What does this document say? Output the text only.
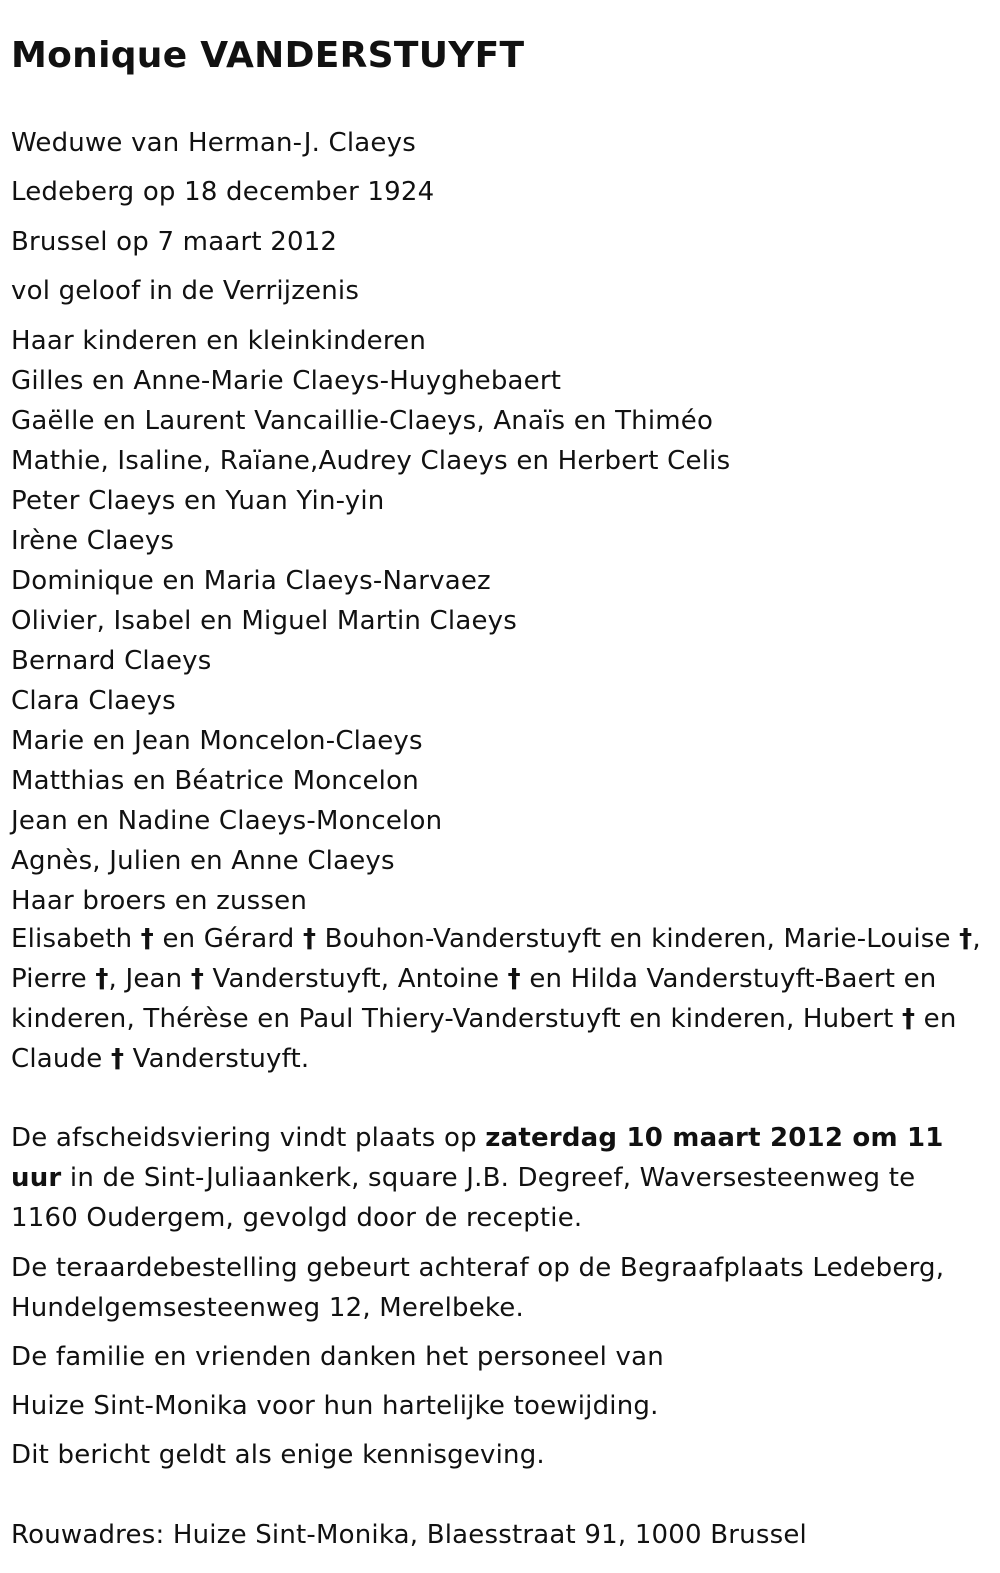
Monique VANDERSTUYFT

Weduwe van Herman-J. Claeys

Ledeberg op 18 december 1924

Brussel op 7 maart 2012

vol geloof in de Verrijzenis

Haar kinderen en kleinkinderen
Gilles en Anne-Marie Claeys-Huyghebaert
Gaëlle en Laurent Vancaillie-Claeys, Anaïs en Thiméo
Mathie, Isaline, Raïane,Audrey Claeys en Herbert Celis
Peter Claeys en Yuan Yin-yin
Irène Claeys
Dominique en Maria Claeys-Narvaez
Olivier, Isabel en Miguel Martin Claeys
Bernard Claeys
Clara Claeys
Marie en Jean Moncelon-Claeys
Matthias en Béatrice Moncelon
Jean en Nadine Claeys-Moncelon
Agnès, Julien en Anne Claeys
Haar broers en zussen

Elisabeth † en Gérard † Bouhon-Vanderstuyft en kinderen, Marie-Louise †, Pierre †, Jean † Vanderstuyft, Antoine † en Hilda Vanderstuyft-Baert en kinderen, Thérèse en Paul Thiery-Vanderstuyft en kinderen, Hubert † en Claude † Vanderstuyft.

De afscheidsviering vindt plaats op zaterdag 10 maart 2012 om 11 uur in de Sint-Juliaankerk, square J.B. Degreef, Waversesteenweg te 1160 Oudergem, gevolgd door de receptie.

De teraardebestelling gebeurt achteraf op de Begraafplaats Ledeberg, Hundelgemsesteenweg 12, Merelbeke.

De familie en vrienden danken het personeel van

Huize Sint-Monika voor hun hartelijke toewijding.

Dit bericht geldt als enige kennisgeving.

Rouwadres: Huize Sint-Monika, Blaesstraat 91, 1000 Brussel
